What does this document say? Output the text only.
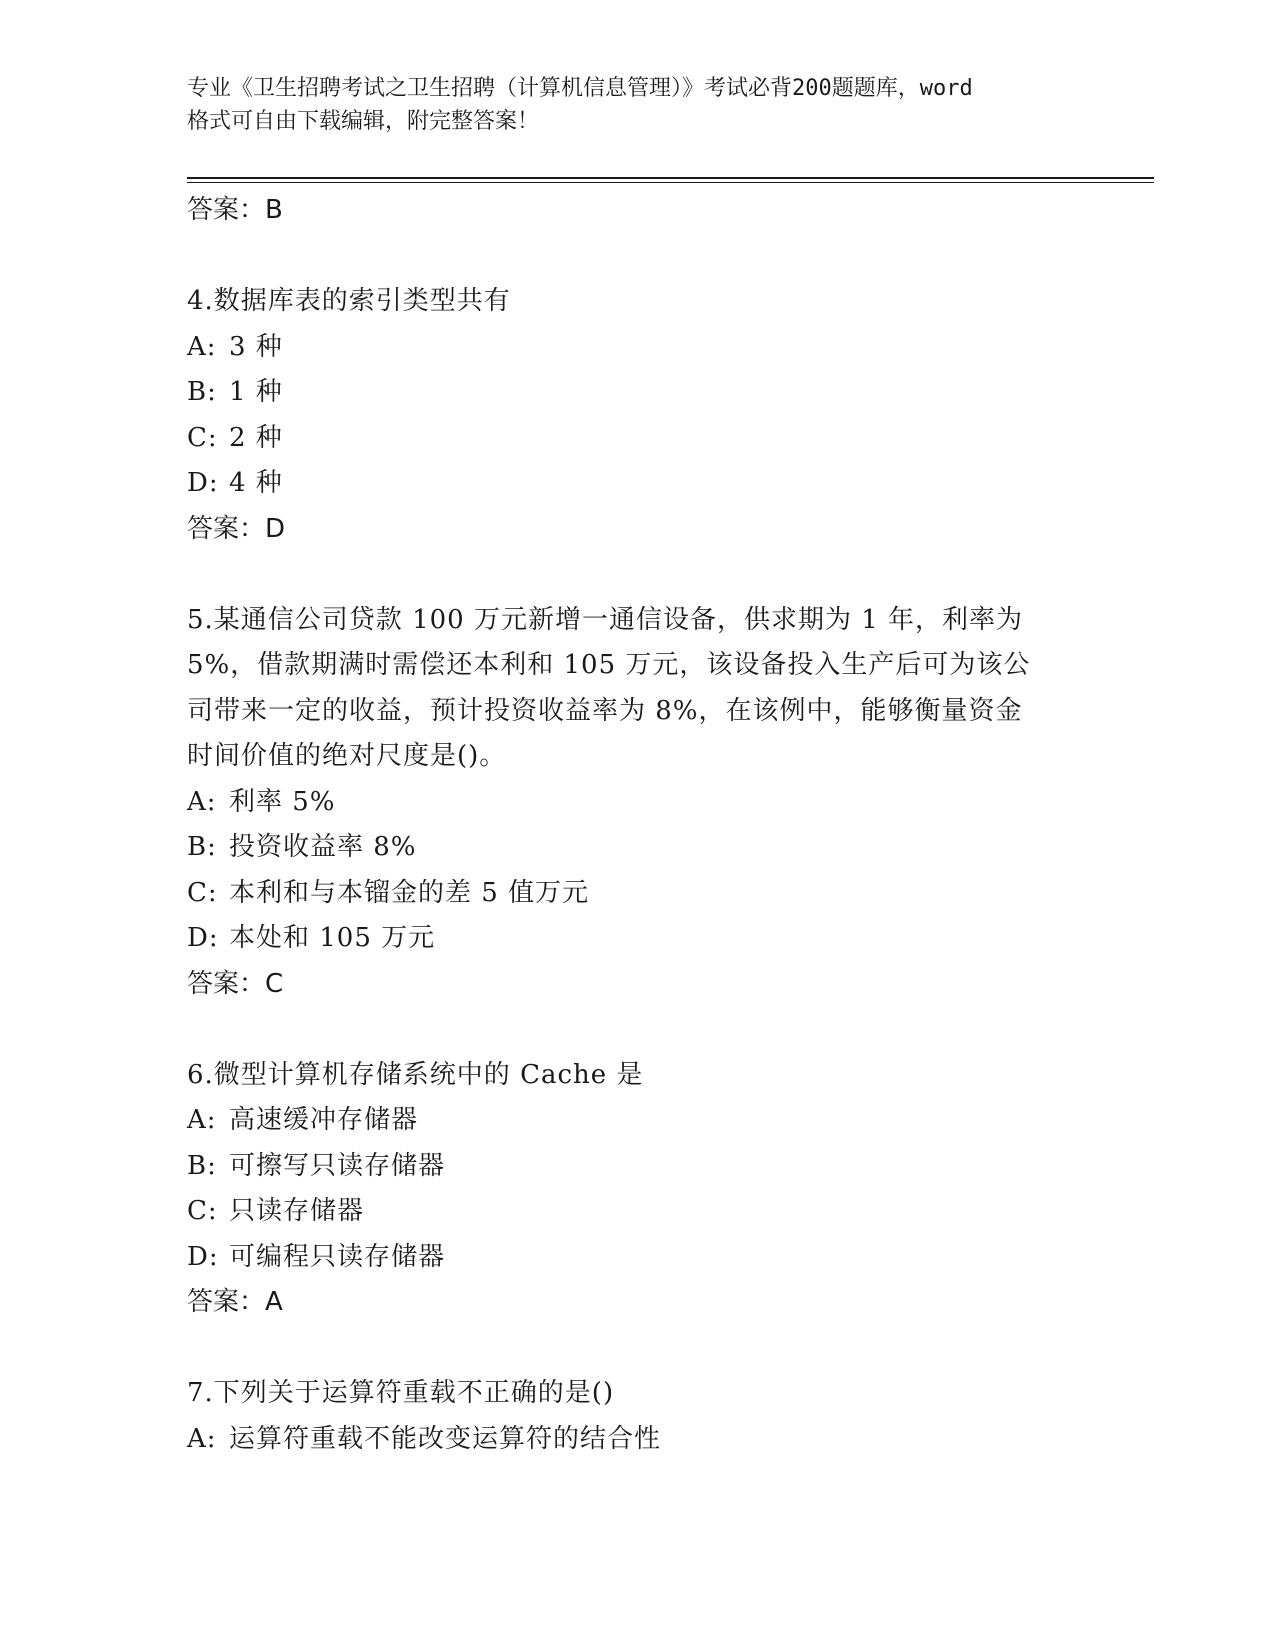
专业《卫生招聘考试之卫生招聘（计算机信息管理）》考试必背200题题库，word
格式可自由下载编辑，附完整答案！
答案：B
4.数据库表的索引类型共有
A: 3 种
B: 1 种
C: 2 种
D: 4 种
答案：D
5.某通信公司贷款 100 万元新增一通信设备，供求期为 1 年，利率为
5%，借款期满时需偿还本利和 105 万元，该设备投入生产后可为该公
司带来一定的收益，预计投资收益率为 8%，在该例中，能够衡量资金
时间价值的绝对尺度是()。
A: 利率 5%
B: 投资收益率 8%
C: 本利和与本镏金的差 5 值万元
D: 本处和 105 万元
答案：C
6.微型计算机存储系统中的 Cache 是
A: 高速缓冲存储器
B: 可擦写只读存储器
C: 只读存储器
D: 可编程只读存储器
答案：A
7.下列关于运算符重载不正确的是()
A: 运算符重载不能改变运算符的结合性
